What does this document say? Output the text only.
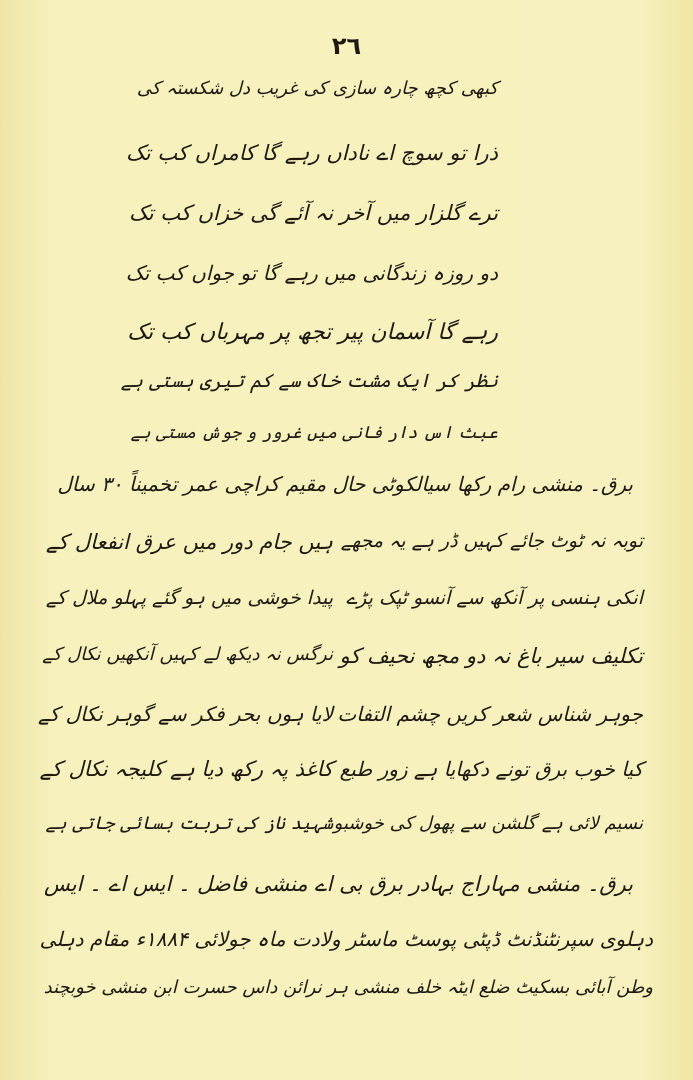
٢٦
کبھی کچھ چارہ سازی کی غریب دل شکستہ کی
ذرا تو سوچ اے ناداں رہے گا کامراں کب تک
ترے گلزار میں آخر نہ آئے گی خزاں کب تک
دو روزہ زندگانی میں رہے گا تو جواں کب تک
رہے گا آسمان پیر تجھ پر مہرباں کب تک
نظر کر ایک مشت خاک سے کم تیری ہستی ہے
عبث اس دار فانی میں غرور و جوش مستی ہے
برق۔ منشی رام رکھا سیالکوٹی حال مقیم کراچی عمر تخمیناً ۳۰ سال
توبہ نہ ٹوٹ جائے کہیں ڈر ہے یہ مجھے
ہیں جام دور میں عرق انفعال کے
انکی ہنسی پر آنکھ سے آنسو ٹپک پڑے
پیدا خوشی میں ہو گئے پہلو ملال کے
تکلیف سیر باغ نہ دو مجھ نحیف کو
نرگس نہ دیکھ لے کہیں آنکھیں نکال کے
جوہر شناس شعر کریں چشم التفات
لایا ہوں بحر فکر سے گوہر نکال کے
کیا خوب برق تونے دکھایا ہے زور طبع
کاغذ پہ رکھ دیا ہے کلیجہ نکال کے
نسیم لائی ہے گلشن سے پھول کی خوشبو
شہید ناز کی تربت بسائی جاتی ہے
برق۔ منشی مہاراج بہادر برق بی اے منشی فاضل ۔ ایس اے ۔ ایس
دہلوی سپرنٹنڈنٹ ڈپٹی پوسٹ ماسٹر ولادت ماہ جولائی ۱۸۸۴ء مقام دہلی
وطن آبائی بسکیٹ ضلع ایٹہ خلف منشی ہر نرائن داس حسرت ابن منشی خوبچند
